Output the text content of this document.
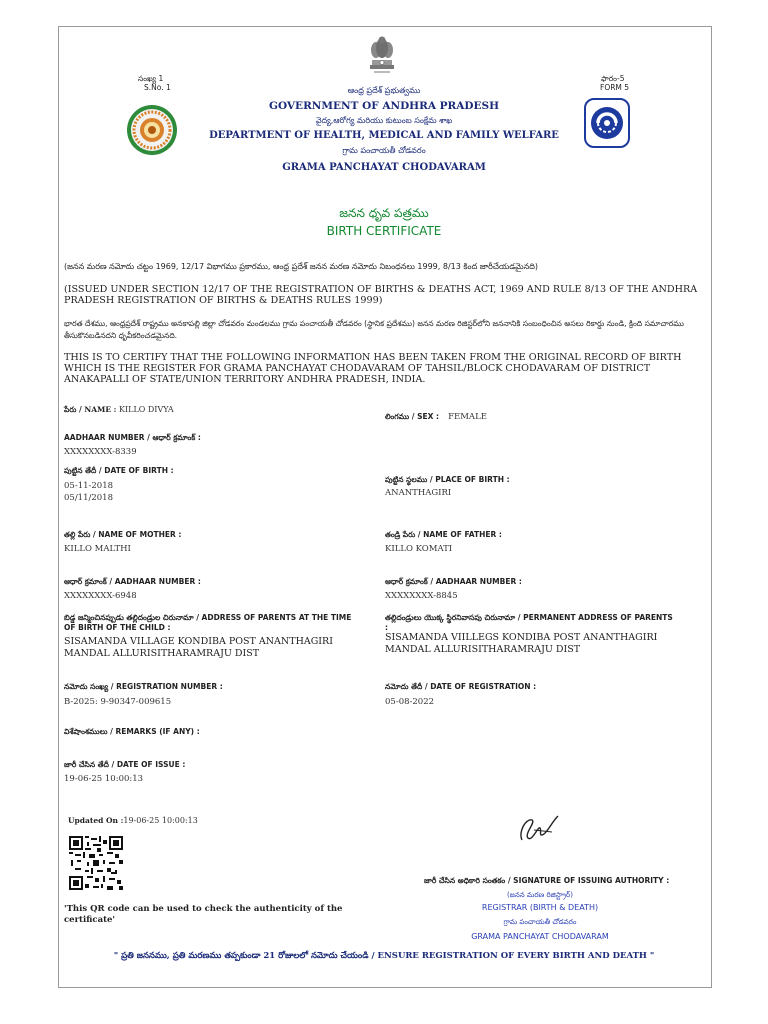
సంఖ్య 1
S.No. 1
ఫారం-5
FORM 5
ఆంధ్ర ప్రదేశ్ ప్రభుత్వము
GOVERNMENT OF ANDHRA PRADESH
వైద్య,ఆరోగ్య మరియు కుటుంబ సంక్షేమ శాఖ
DEPARTMENT OF HEALTH, MEDICAL AND FAMILY WELFARE
గ్రామ పంచాయతీ చోడవరం
GRAMA PANCHAYAT CHODAVARAM
జనన ధృవ పత్రము
BIRTH CERTIFICATE
(జనన మరణ నమోదు చట్టం 1969, 12/17 విభాగము ప్రకారము, ఆంధ్ర ప్రదేశ్ జనన మరణ నమోదు నిబంధనలు 1999, 8/13 కింద జారీచేయడమైనది)
(ISSUED UNDER SECTION 12/17 OF THE REGISTRATION OF BIRTHS & DEATHS ACT, 1969 AND RULE 8/13 OF THE ANDHRA PRADESH REGISTRATION OF BIRTHS & DEATHS RULES 1999)
భారత దేశము, ఆంధ్రప్రదేశ్ రాష్ట్రము అనకాపల్లి జిల్లా చోడవరం మండలము గ్రామ పంచాయతీ చోడవరం (స్థానిక ప్రదేశము) జనన మరణ రిజిస్టర్‌లోని జననానికి సంబంధించిన అసలు రికార్డు నుండి, క్రింది సమాచారము తీసుకొనబడినదని ధృవీకరించడమైనది.
THIS IS TO CERTIFY THAT THE FOLLOWING INFORMATION HAS BEEN TAKEN FROM THE ORIGINAL RECORD OF BIRTH WHICH IS THE REGISTER FOR GRAMA PANCHAYAT CHODAVARAM OF TAHSIL/BLOCK CHODAVARAM OF DISTRICT ANAKAPALLI OF STATE/UNION TERRITORY ANDHRA PRADESH, INDIA.
పేరు / NAME : KILLO DIVYA
లింగము / SEX : FEMALE
AADHAAR NUMBER / ఆధార్ క్రమాంక్ :
XXXXXXXX-8339
పుట్టిన తేదీ / DATE OF BIRTH :
05-11-2018
05/11/2018
పుట్టిన స్థలము / PLACE OF BIRTH :
ANANTHAGIRI
తల్లి పేరు / NAME OF MOTHER :
KILLO MALTHI
తండ్రి పేరు / NAME OF FATHER :
KILLO KOMATI
ఆధార్ క్రమాంక్ / AADHAAR NUMBER :
XXXXXXXX-6948
ఆధార్ క్రమాంక్ / AADHAAR NUMBER :
XXXXXXXX-8845
బిడ్డ జన్మించినప్పుడు తల్లిదండ్రుల చిరునామా / ADDRESS OF PARENTS AT THE TIME OF BIRTH OF THE CHILD :
SISAMANDA VILLAGE KONDIBA POST ANANTHAGIRI MANDAL ALLURISITHARAMRAJU DIST
తల్లిదండ్రులు యొక్క స్థిరనివాసపు చిరునామా / PERMANENT ADDRESS OF PARENTS :
SISAMANDA VIILLEGS KONDIBA POST ANANTHAGIRI MANDAL ALLURISITHARAMRAJU DIST
నమోదు సంఖ్య / REGISTRATION NUMBER :
B-2025: 9-90347-009615
నమోదు తేదీ / DATE OF REGISTRATION :
05-08-2022
విశేషాంశములు / REMARKS (IF ANY) :
జారీ చేసిన తేదీ / DATE OF ISSUE :
19-06-25 10:00:13
Updated On :19-06-25 10:00:13
'This QR code can be used to check the authenticity of the certificate'
జారీ చేసిన అధికారి సంతకం / SIGNATURE OF ISSUING AUTHORITY :
(జనన మరణ రిజిస్ట్రార్)
REGISTRAR (BIRTH & DEATH)
గ్రామ పంచాయతీ చోడవరం
GRAMA PANCHAYAT CHODAVARAM
" ప్రతి జననము, ప్రతి మరణము తప్పకుండా 21 రోజులలో నమోదు చేయండి / ENSURE REGISTRATION OF EVERY BIRTH AND DEATH "
